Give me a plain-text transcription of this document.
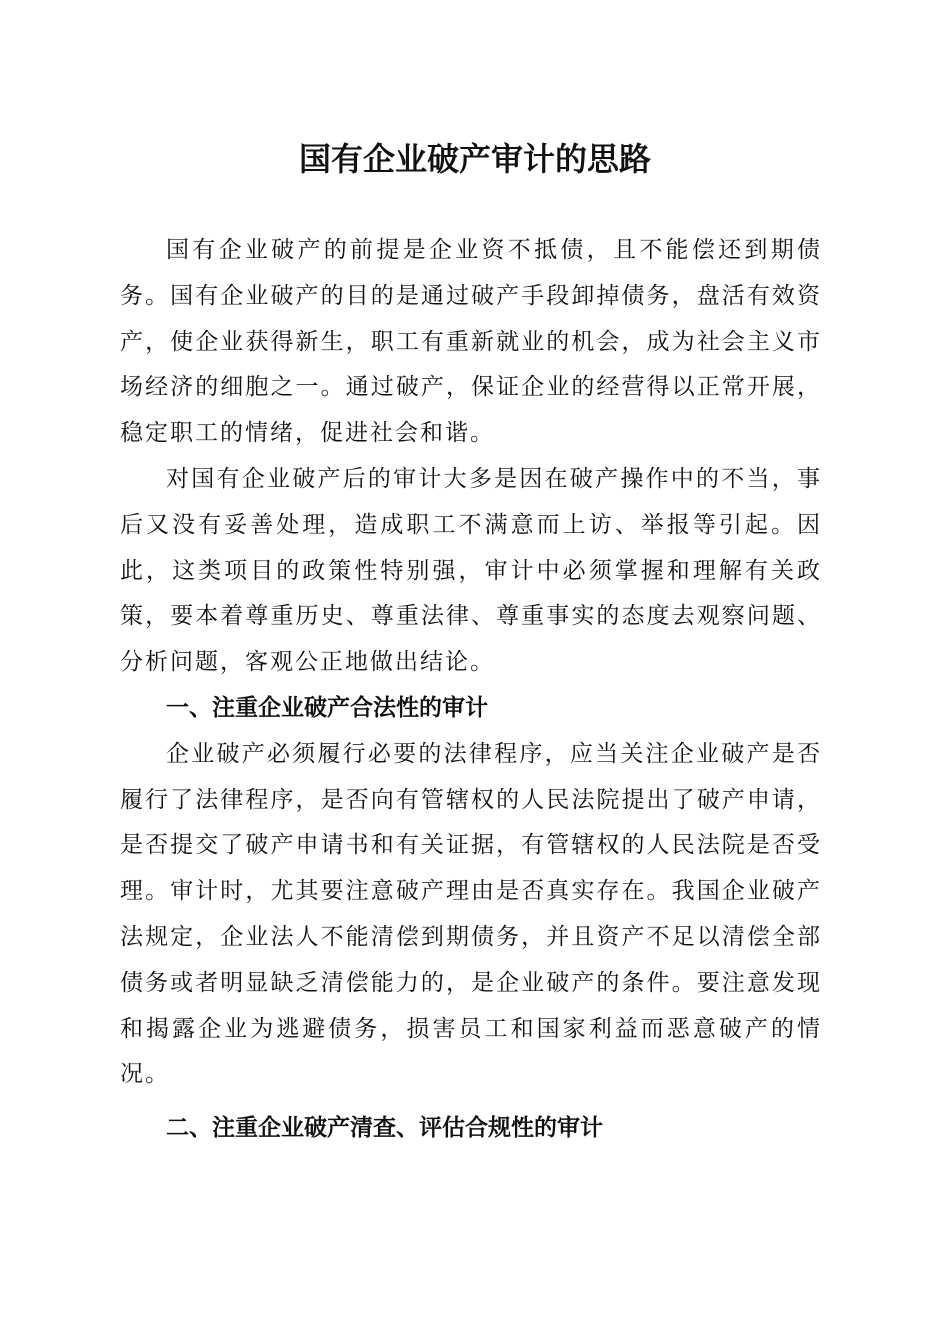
国有企业破产审计的思路

国有企业破产的前提是企业资不抵债，且不能偿还到期债务。国有企业破产的目的是通过破产手段卸掉债务，盘活有效资产，使企业获得新生，职工有重新就业的机会，成为社会主义市场经济的细胞之一。通过破产，保证企业的经营得以正常开展，稳定职工的情绪，促进社会和谐。

对国有企业破产后的审计大多是因在破产操作中的不当，事后又没有妥善处理，造成职工不满意而上访、举报等引起。因此，这类项目的政策性特别强，审计中必须掌握和理解有关政策，要本着尊重历史、尊重法律、尊重事实的态度去观察问题、分析问题，客观公正地做出结论。

一、注重企业破产合法性的审计

企业破产必须履行必要的法律程序，应当关注企业破产是否履行了法律程序，是否向有管辖权的人民法院提出了破产申请，是否提交了破产申请书和有关证据，有管辖权的人民法院是否受理。审计时，尤其要注意破产理由是否真实存在。我国企业破产法规定，企业法人不能清偿到期债务，并且资产不足以清偿全部债务或者明显缺乏清偿能力的，是企业破产的条件。要注意发现和揭露企业为逃避债务，损害员工和国家利益而恶意破产的情况。

二、注重企业破产清查、评估合规性的审计
